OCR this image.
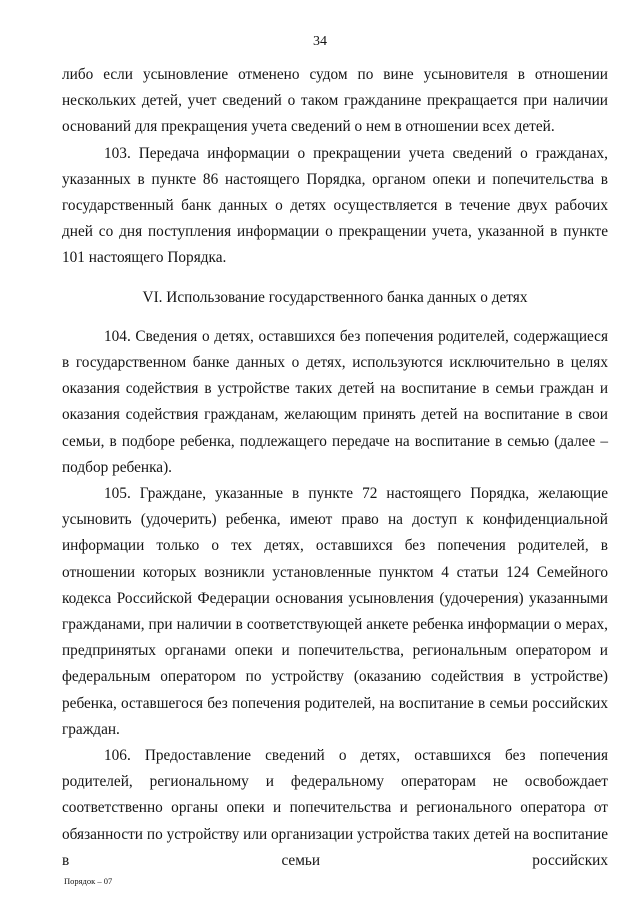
34

либо если усыновление отменено судом по вине усыновителя в отношении нескольких детей, учет сведений о таком гражданине прекращается при наличии оснований для прекращения учета сведений о нем в отношении всех детей.

103. Передача информации о прекращении учета сведений о гражданах, указанных в пункте 86 настоящего Порядка, органом опеки и попечительства в государственный банк данных о детях осуществляется в течение двух рабочих дней со дня поступления информации о прекращении учета, указанной в пункте 101 настоящего Порядка.

VI. Использование государственного банка данных о детях

104. Сведения о детях, оставшихся без попечения родителей, содержащиеся в государственном банке данных о детях, используются исключительно в целях оказания содействия в устройстве таких детей на воспитание в семьи граждан и оказания содействия гражданам, желающим принять детей на воспитание в свои семьи, в подборе ребенка, подлежащего передаче на воспитание в семью (далее – подбор ребенка).

105. Граждане, указанные в пункте 72 настоящего Порядка, желающие усыновить (удочерить) ребенка, имеют право на доступ к конфиденциальной информации только о тех детях, оставшихся без попечения родителей, в отношении которых возникли установленные пунктом 4 статьи 124 Семейного кодекса Российской Федерации основания усыновления (удочерения) указанными гражданами, при наличии в соответствующей анкете ребенка информации о мерах, предпринятых органами опеки и попечительства, региональным оператором и федеральным оператором по устройству (оказанию содействия в устройстве) ребенка, оставшегося без попечения родителей, на воспитание в семьи российских граждан.

106. Предоставление сведений о детях, оставшихся без попечения родителей, региональному и федеральному операторам не освобождает соответственно органы опеки и попечительства и регионального оператора от обязанности по устройству или организации устройства таких детей на воспитание в семьи российских

Порядок – 07
